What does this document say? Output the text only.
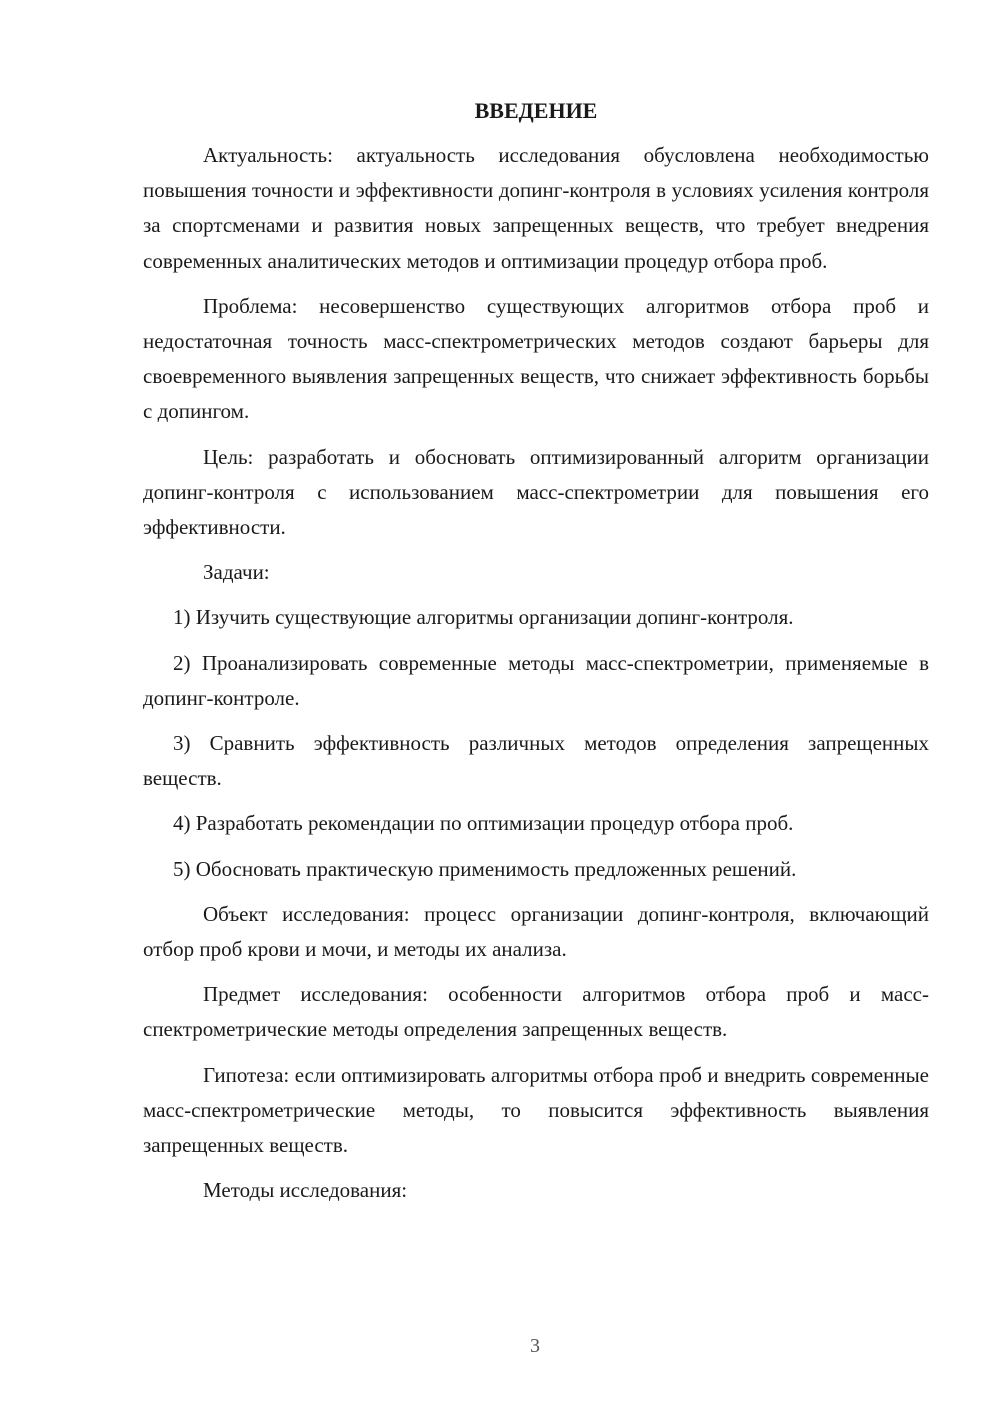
ВВЕДЕНИЕ

Актуальность: актуальность исследования обусловлена необходимостью повышения точности и эффективности допинг-контроля в условиях усиления контроля за спортсменами и развития новых запрещенных веществ, что требует внедрения современных аналитических методов и оптимизации процедур отбора проб.

Проблема: несовершенство существующих алгоритмов отбора проб и недостаточная точность масс-спектрометрических методов создают барьеры для своевременного выявления запрещенных веществ, что снижает эффективность борьбы с допингом.

Цель: разработать и обосновать оптимизированный алгоритм организации допинг-контроля с использованием масс-спектрометрии для повышения его эффективности.

Задачи:

1) Изучить существующие алгоритмы организации допинг-контроля.

2) Проанализировать современные методы масс-спектрометрии, применяемые в допинг-контроле.

3) Сравнить эффективность различных методов определения запрещенных веществ.

4) Разработать рекомендации по оптимизации процедур отбора проб.

5) Обосновать практическую применимость предложенных решений.

Объект исследования: процесс организации допинг-контроля, включающий отбор проб крови и мочи, и методы их анализа.

Предмет исследования: особенности алгоритмов отбора проб и масс-спектрометрические методы определения запрещенных веществ.

Гипотеза: если оптимизировать алгоритмы отбора проб и внедрить современные масс-спектрометрические методы, то повысится эффективность выявления запрещенных веществ.

Методы исследования:

3
